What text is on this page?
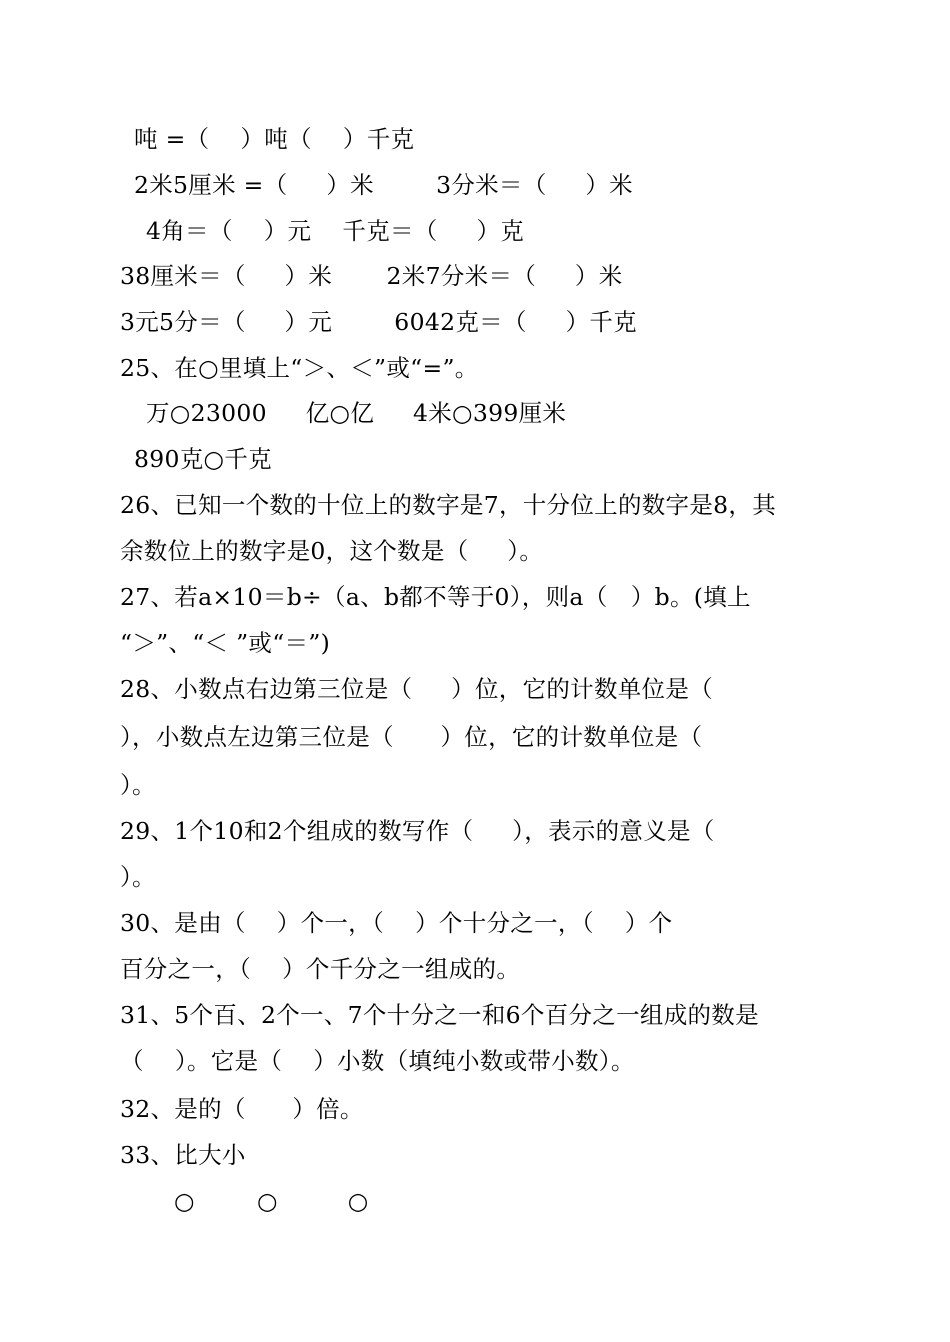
吨 =（    ）吨（    ）千克
2米5厘米 =（     ）米        3分米＝（     ）米
4角＝（    ）元    千克＝（     ）克
38厘米＝（     ）米       2米7分米＝（     ）米
3元5分＝（     ）元        6042克＝（     ）千克
25、在○里填上“＞、＜”或“=”。
万○23000     亿○亿     4米○399厘米
890克○千克
26、已知一个数的十位上的数字是7，十分位上的数字是8，其
余数位上的数字是0，这个数是（     ）。
27、若a×10＝b÷（a、b都不等于0），则a（   ）b。(填上
“＞”、“＜ ”或“＝”)
28、小数点右边第三位是（     ）位，它的计数单位是（
），小数点左边第三位是（      ）位，它的计数单位是（
）。
29、1个10和2个组成的数写作（     ），表示的意义是（
）。
30、是由（    ）个一，（    ）个十分之一，（    ）个
百分之一，（    ）个千分之一组成的。
31、5个百、2个一、7个十分之一和6个百分之一组成的数是
（    ）。它是（    ）小数（填纯小数或带小数）。
32、是的（      ）倍。
33、比大小
○        ○         ○
